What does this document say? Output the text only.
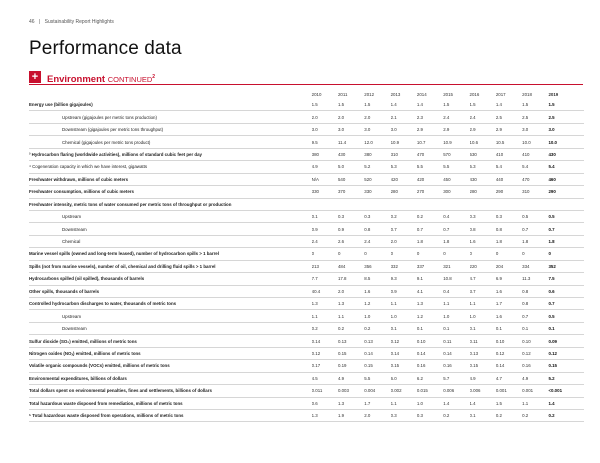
46 | Sustainability Report Highlights
Performance data
+ Environment CONTINUED$^2$
	2010	2011	2012	2013	2014	2015	2016	2017	2018	2019
Energy use (billion gigajoules)	1.5	1.5	1.5	1.4	1.4	1.5	1.5	1.4	1.5	1.5
Upstream (gigajoules per metric tons production)	2.0	2.0	2.0	2.1	2.3	2.4	2.4	2.5	2.5	2.5
Downstream (gigajoules per metric tons throughput)	3.0	3.0	3.0	3.0	2.9	2.9	2.9	2.9	3.0	3.0
Chemical (gigajoules per metric tons product)	9.5	11.4	12.0	10.9	10.7	10.9	10.6	10.5	10.0	10.0
³ Hydrocarbon flaring (worldwide activities), millions of standard cubic feet per day	380	430	380	310	470	570	530	410	410	430
⁴ Cogeneration capacity in which we have interest, gigawatts	4.9	5.0	5.2	5.3	5.5	5.5	5.3	5.4	5.4	5.4
Freshwater withdrawn, millions of cubic meters	N/A	540	520	420	420	450	430	440	470	460
Freshwater consumption, millions of cubic meters	330	370	330	280	270	300	280	290	310	290
Freshwater intensity, metric tons of water consumed per metric tons of throughput or production										
Upstream	0.1	0.3	0.3	0.2	0.2	0.4	0.3	0.3	0.5	0.5
Downstream	0.9	0.9	0.8	0.7	0.7	0.7	0.8	0.8	0.7	0.7
Chemical	2.4	2.6	2.4	2.0	1.8	1.8	1.6	1.8	1.8	1.8
Marine vessel spills (owned and long-term leased), number of hydrocarbon spills > 1 barrel	0	0	0	0	0	0	0	0	0	0
Spills (not from marine vessels), number of oil, chemical and drilling fluid spills > 1 barrel	213	484	356	332	337	321	220	204	334	352
Hydrocarbons spilled (oil spilled), thousands of barrels	7.7	17.8	8.5	9.3	9.1	10.8	4.7	6.9	11.3	7.5
Other spills, thousands of barrels	40.4	2.0	1.6	0.9	4.1	0.4	3.7	1.6	0.8	0.6
Controlled hydrocarbon discharges to water, thousands of metric tons	1.3	1.3	1.2	1.1	1.3	1.1	1.1	1.7	0.8	0.7
Upstream	1.1	1.1	1.0	1.0	1.2	1.0	1.0	1.6	0.7	0.5
Downstream	0.2	0.2	0.2	0.1	0.1	0.1	0.1	0.1	0.1	0.1
Sulfur dioxide (SO₂) emitted, millions of metric tons	0.14	0.13	0.13	0.12	0.10	0.11	0.11	0.10	0.10	0.09
Nitrogen oxides (NOₓ) emitted, millions of metric tons	0.12	0.15	0.14	0.14	0.14	0.14	0.13	0.12	0.12	0.12
Volatile organic compounds (VOCs) emitted, millions of metric tons	0.17	0.19	0.15	0.15	0.16	0.16	0.15	0.14	0.16	0.15
Environmental expenditures, billions of dollars	4.5	4.9	5.5	6.0	6.2	5.7	4.9	4.7	4.9	5.2
Total dollars spent on environmental penalties, fines and settlements, billions of dollars	0.011	0.003	0.004	0.002	0.015	0.006	0.006	0.001	0.001	<0.001
Total hazardous waste disposed from remediation, millions of metric tons	0.6	1.3	1.7	1.1	1.0	1.4	1.4	1.5	1.1	1.4
⁵ Total hazardous waste disposed from operations, millions of metric tons	1.3	1.9	2.0	0.3	0.3	0.2	0.1	0.2	0.2	0.2
